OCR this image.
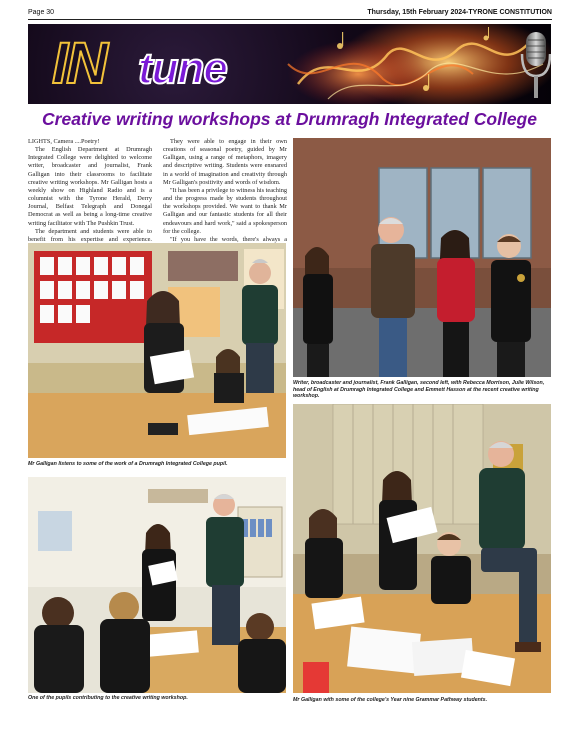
Page 30	Thursday, 15th February 2024-TYRONE CONSTITUTION
IN tune
Creative writing workshops at Drumragh Integrated College

LIGHTS, Camera ....Poetry!

The English Department at Drumragh Integrated College were delighted to welcome writer, broadcaster and journalist, Frank Galligan into their classrooms to facilitate creative writing workshops. Mr Galligan hosts a weekly show on Highland Radio and is a columnist with the Tyrone Herald, Derry Journal, Belfast Telegraph and Donegal Democrat as well as being a long-time creative writing facilitator with The Pushkin Trust.

The department and students were able to benefit from his expertise and experience.

They were able to engage in their own creations of seasonal poetry, guided by Mr Galligan, using a range of metaphors, imagery and descriptive writing. Students were ensnared in a world of imagination and creativity through Mr Galligan's positivity and words of wisdom.

"It has been a privilege to witness his teaching and the progress made by students throughout the workshops provided. We want to thank Mr Galligan and our fantastic students for all their endeavours and hard work," said a spokesperson for the college.

"If you have the words, there's always a

Mr Galligan listens to some of the work of a Drumragh Integrated College pupil.
Writer, broadcaster and journalist, Frank Galligan, second left, with Rebecca Morrison, Julie Wilson, head of English at Drumragh Integrated College and Emmett Hasson at the recent creative writing workshop.
One of the pupils contributing to the creative writing workshop.	Mr Galligan with some of the college's Year nine Grammar Pathway students.
